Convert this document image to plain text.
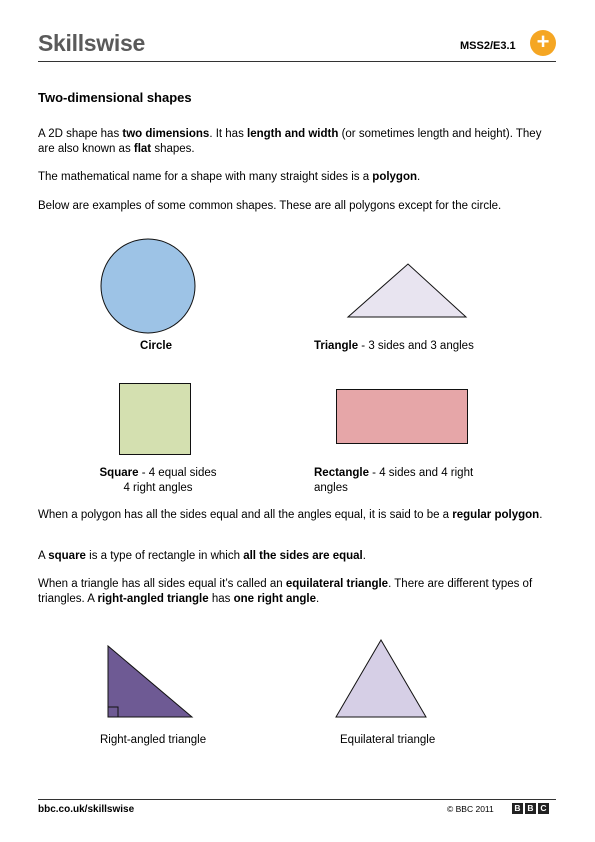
Skillswise	MSS2/E3.1 +
Two-dimensional shapes

A 2D shape has two dimensions. It has length and width (or sometimes length and height). They are also known as flat shapes.

The mathematical name for a shape with many straight sides is a polygon.

Below are examples of some common shapes. These are all polygons except for the circle.

Circle	Triangle - 3 sides and 3 angles
Square - 4 equal sides
4 right angles
Rectangle - 4 sides and 4 right
angles

When a polygon has all the sides equal and all the angles equal, it is said to be a regular polygon.

A square is a type of rectangle in which all the sides are equal.

When a triangle has all sides equal it’s called an equilateral triangle. There are different types of triangles. A right-angled triangle has one right angle.

Right-angled triangle	Equilateral triangle
bbc.co.uk/skillswise	© BBC 2011 B B C
